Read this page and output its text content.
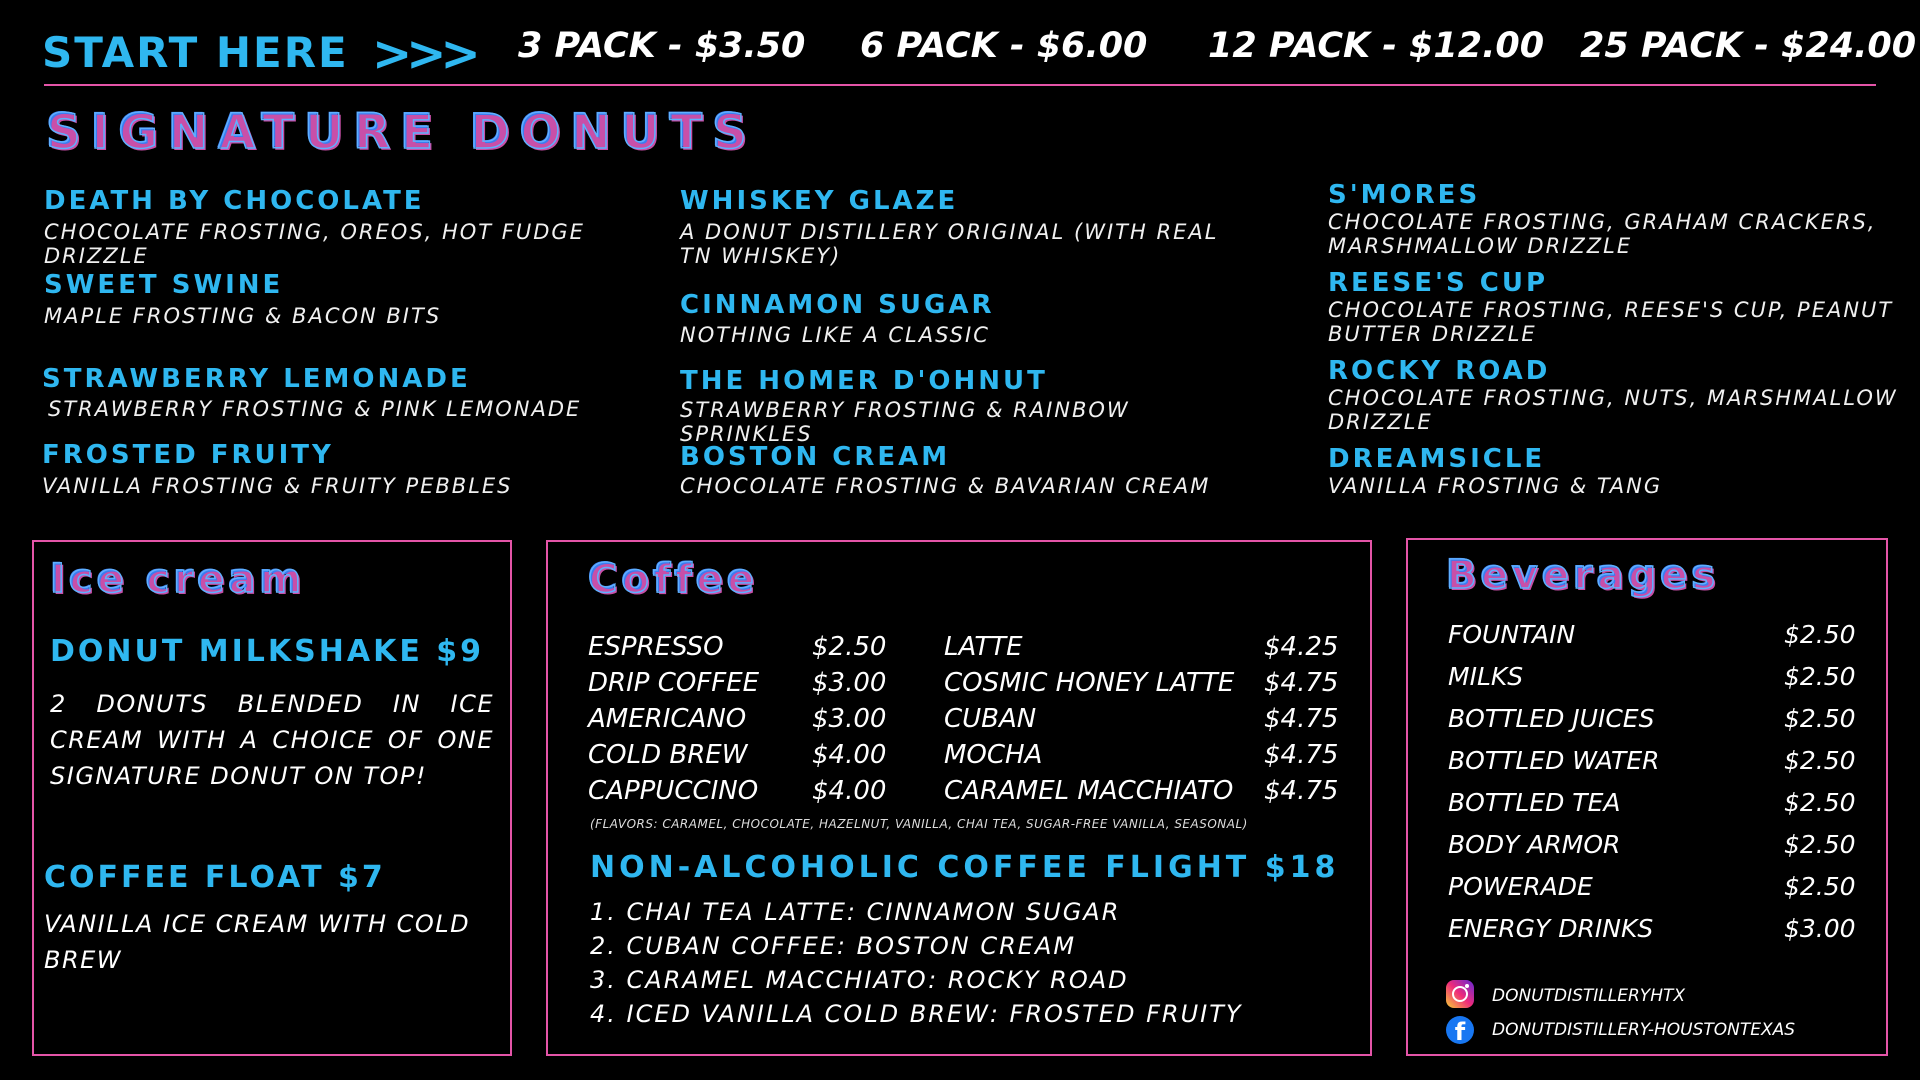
START HERE >>> 3 PACK - $3.50 6 PACK - $6.00 12 PACK - $12.00 25 PACK - $24.00
SIGNATURE DONUTS
DEATH BY CHOCOLATE
CHOCOLATE FROSTING, OREOS, HOT FUDGE DRIZZLE
SWEET SWINE
MAPLE FROSTING & BACON BITS
STRAWBERRY LEMONADE
STRAWBERRY FROSTING & PINK LEMONADE
FROSTED FRUITY
VANILLA FROSTING & FRUITY PEBBLES
WHISKEY GLAZE
A DONUT DISTILLERY ORIGINAL (WITH REAL TN WHISKEY)
CINNAMON SUGAR
NOTHING LIKE A CLASSIC
THE HOMER D'OHNUT
STRAWBERRY FROSTING & RAINBOW SPRINKLES
BOSTON CREAM
CHOCOLATE FROSTING & BAVARIAN CREAM
S'MORES
CHOCOLATE FROSTING, GRAHAM CRACKERS, MARSHMALLOW DRIZZLE
REESE'S CUP
CHOCOLATE FROSTING, REESE'S CUP, PEANUT BUTTER DRIZZLE
ROCKY ROAD
CHOCOLATE FROSTING, NUTS, MARSHMALLOW DRIZZLE
DREAMSICLE
VANILLA FROSTING & TANG
Ice cream
DONUT MILKSHAKE $9
2 DONUTS BLENDED IN ICE CREAM WITH A CHOICE OF ONE SIGNATURE DONUT ON TOP!
COFFEE FLOAT $7
VANILLA ICE CREAM WITH COLD BREW
Coffee
ESPRESSO	$2.50
DRIP COFFEE $3.00
AMERICANO	$3.00
COLD BREW $4.00
CAPPUCCINO $4.00
LATTE	$4.25
COSMIC HONEY LATTE $4.75
CUBAN	$4.75
MOCHA	$4.75
CARAMEL MACCHIATO $4.75
(FLAVORS: CARAMEL, CHOCOLATE, HAZELNUT, VANILLA, CHAI TEA, SUGAR-FREE VANILLA, SEASONAL)
NON-ALCOHOLIC COFFEE FLIGHT $18
1. CHAI TEA LATTE: CINNAMON SUGAR
2. CUBAN COFFEE: BOSTON CREAM
3. CARAMEL MACCHIATO: ROCKY ROAD
4. ICED VANILLA COLD BREW: FROSTED FRUITY
Beverages
FOUNTAIN	$2.50
MILKS	$2.50
BOTTLED JUICES	$2.50
BOTTLED WATER	$2.50
BOTTLED TEA	$2.50
BODY ARMOR	$2.50
POWERADE	$2.50
ENERGY DRINKS	$3.00
DONUTDISTILLERYHTX
f	DONUTDISTILLERY-HOUSTONTEXAS
